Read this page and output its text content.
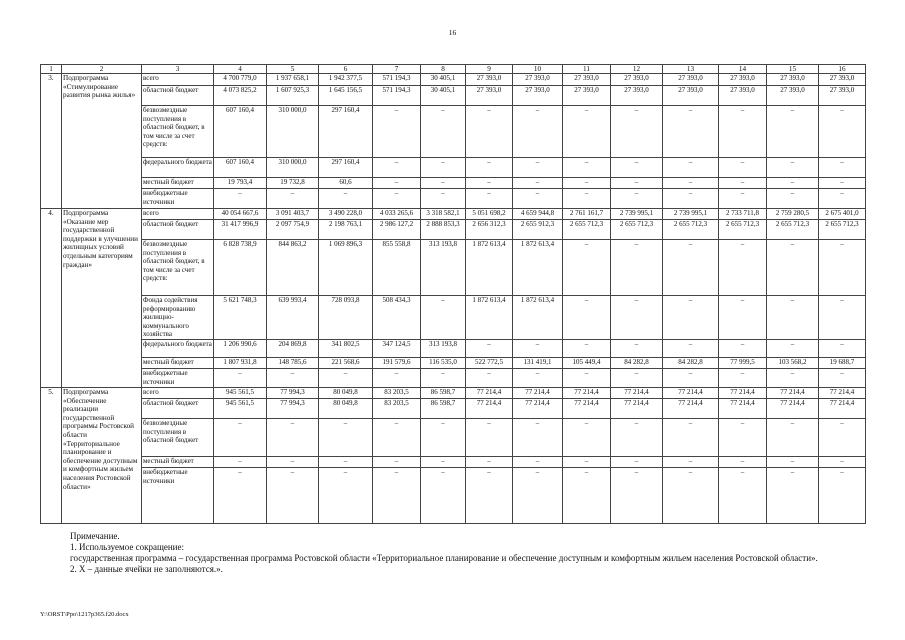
16
1	2	3	4	5	6	7	8	9	10	11	12	13	14	15	16
3.	Подпрограмма «Стимулирование развития рынка жилья»	всего	4 700 779,0	1 937 658,1	1 942 377,5	571 194,3	30 405,1	27 393,0	27 393,0	27 393,0	27 393,0	27 393,0	27 393,0	27 393,0	27 393,0
		областной бюджет	4 073 825,2	1 607 925,3	1 645 156,5	571 194,3	30 405,1	27 393,0	27 393,0	27 393,0	27 393,0	27 393,0	27 393,0	27 393,0	27 393,0
		безвозмездные поступления в областной бюджет, в том числе за счет средств:	607 160,4	310 000,0	297 160,4	–	–	–	–	–	–	–	–	–	–
		федерального бюджета	607 160,4	310 000,0	297 160,4	–	–	–	–	–	–	–	–	–	–
		местный бюджет	19 793,4	19 732,8	60,6	–	–	–	–	–	–	–	–	–	–
		внебюджетные источники	–	–	–	–	–	–	–	–	–	–	–	–	–
4.	Подпрограмма «Оказание мер государственной поддержки в улучшении жилищных условий отдельным категориям граждан»	всего	40 054 667,6	3 091 403,7	3 490 228,0	4 033 265,6	3 318 582,1	5 051 698,2	4 659 944,8	2 761 161,7	2 739 995,1	2 739 995,1	2 733 711,8	2 759 280,5	2 675 401,0
		областной бюджет	31 417 996,9	2 097 754,9	2 198 763,1	2 986 127,2	2 888 853,3	2 656 312,3	2 655 912,3	2 655 712,3	2 655 712,3	2 655 712,3	2 655 712,3	2 655 712,3	2 655 712,3
		безвозмездные поступления в областной бюджет, в том числе за счет средств:	6 828 738,9	844 863,2	1 069 896,3	855 558,8	313 193,8	1 872 613,4	1 872 613,4	–	–	–	–	–	–
		Фонда содействия реформированию жилищно-коммунального хозяйства	5 621 748,3	639 993,4	728 093,8	508 434,3	–	1 872 613,4	1 872 613,4	–	–	–	–	–	–
		федерального бюджета	1 206 990,6	204 869,8	341 802,5	347 124,5	313 193,8	–	–	–	–	–	–	–	–
		местный бюджет	1 807 931,8	148 785,6	221 568,6	191 579,6	116 535,0	522 772,5	131 419,1	105 449,4	84 282,8	84 282,8	77 999,5	103 568,2	19 688,7
		внебюджетные источники	–	–	–	–	–	–	–	–	–	–	–	–	–
5.	Подпрограмма «Обеспечение реализации государственной программы Ростовской области «Территориальное планирование и обеспечение доступным и комфортным жильем населения Ростовской области»	всего	945 561,5	77 994,3	80 049,8	83 203,5	86 598,7	77 214,4	77 214,4	77 214,4	77 214,4	77 214,4	77 214,4	77 214,4	77 214,4
		областной бюджет	945 561,5	77 994,3	80 049,8	83 203,5	86 598,7	77 214,4	77 214,4	77 214,4	77 214,4	77 214,4	77 214,4	77 214,4	77 214,4
		безвозмездные поступления в областной бюджет	–	–	–	–	–	–	–	–	–	–	–	–	–
		местный бюджет	–	–	–	–	–	–	–	–	–	–	–	–	–
		внебюджетные источники	–	–	–	–	–	–	–	–	–	–	–	–	–

Примечание.

1. Используемое сокращение:

государственная программа – государственная программа Ростовской области «Территориальное планирование и обеспечение доступным и комфортным жильем населения Ростовской области».

2. Х – данные ячейки не заполняются.».

Y:\ORST\Ppo\1217p365.f20.docx
